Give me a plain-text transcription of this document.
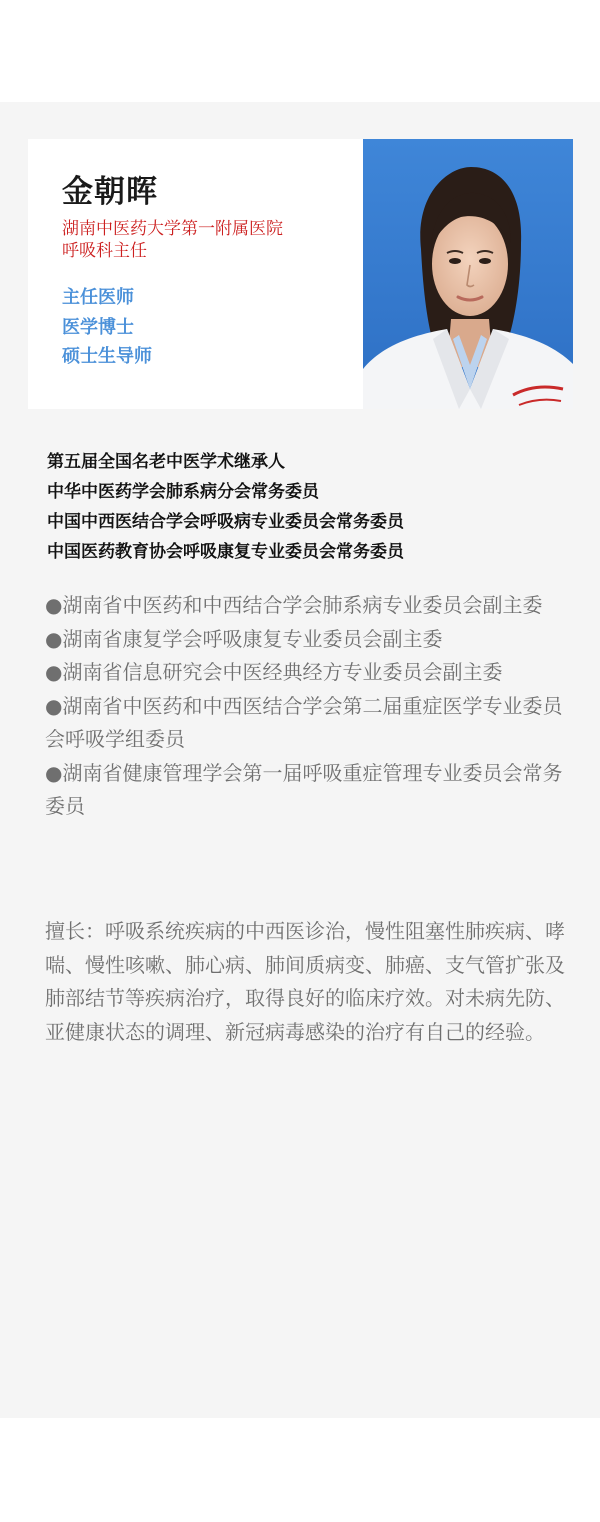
金朝晖
湖南中医药大学第一附属医院
呼吸科主任
主任医师
医学博士
硕士生导师
第五届全国名老中医学术继承人
中华中医药学会肺系病分会常务委员
中国中西医结合学会呼吸病专业委员会常务委员
中国医药教育协会呼吸康复专业委员会常务委员
●湖南省中医药和中西结合学会肺系病专业委员会副主委
●湖南省康复学会呼吸康复专业委员会副主委
●湖南省信息研究会中医经典经方专业委员会副主委
●湖南省中医药和中西医结合学会第二届重症医学专业委员会呼吸学组委员
●湖南省健康管理学会第一届呼吸重症管理专业委员会常务委员
擅长：呼吸系统疾病的中西医诊治，慢性阻塞性肺疾病、哮喘、慢性咳嗽、肺心病、肺间质病变、肺癌、支气管扩张及肺部结节等疾病治疗，取得良好的临床疗效。对未病先防、亚健康状态的调理、新冠病毒感染的治疗有自己的经验。
